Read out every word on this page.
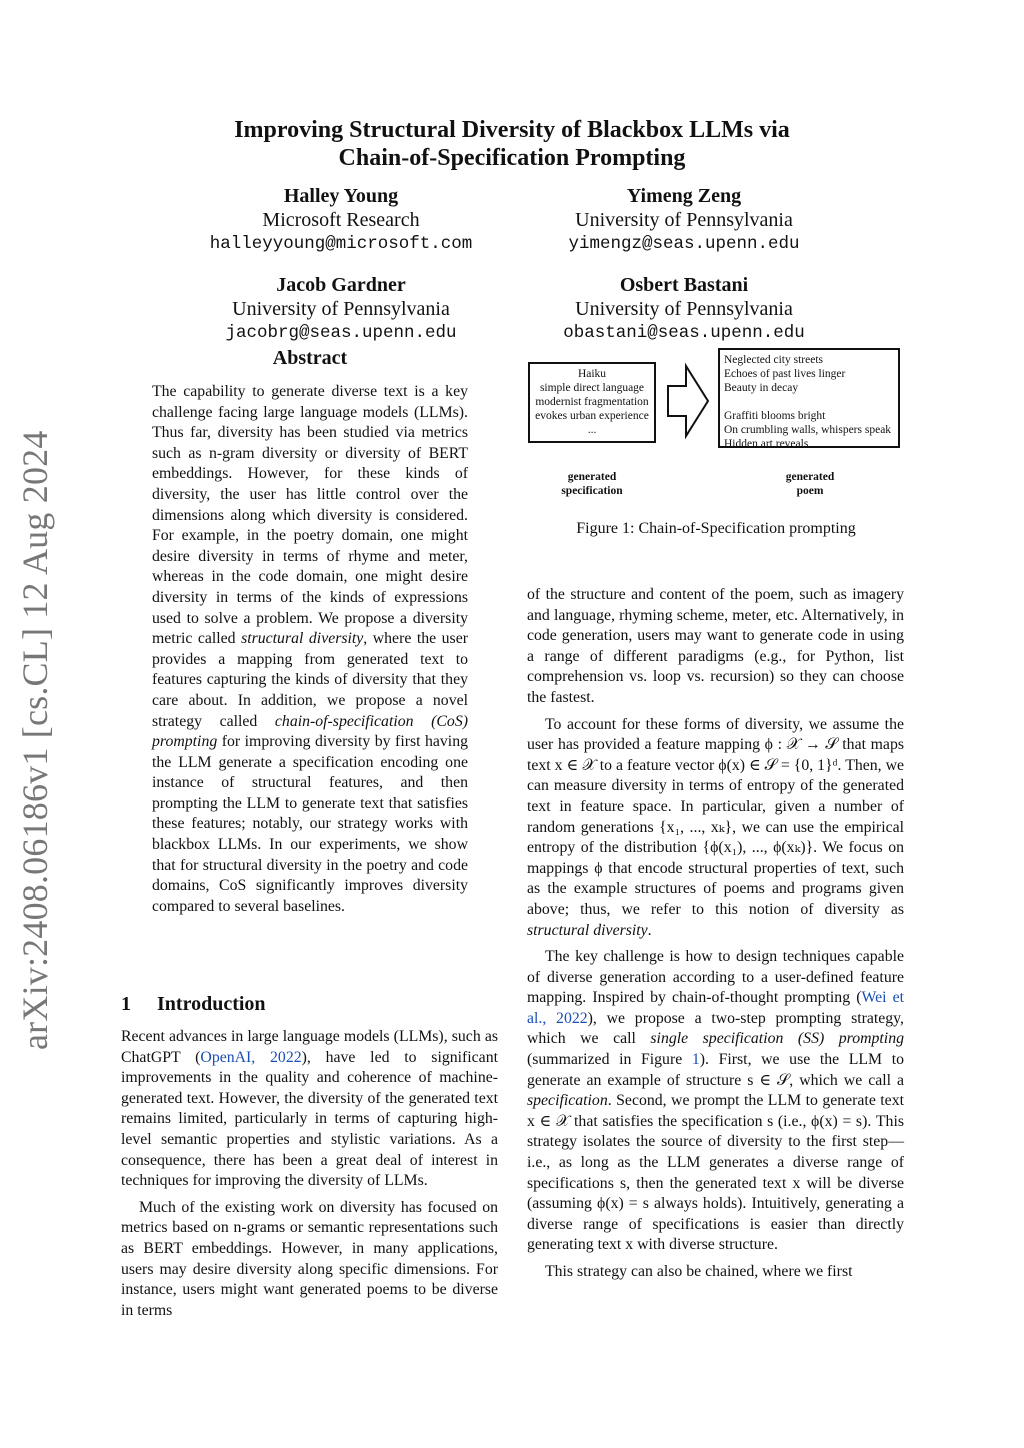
arXiv:2408.06186v1 [cs.CL] 12 Aug 2024
Improving Structural Diversity of Blackbox LLMs via
Chain-of-Specification Prompting
Halley Young
Microsoft Research
halleyyoung@microsoft.com
Yimeng Zeng
University of Pennsylvania
yimengz@seas.upenn.edu
Jacob Gardner
University of Pennsylvania
jacobrg@seas.upenn.edu
Osbert Bastani
University of Pennsylvania
obastani@seas.upenn.edu
Abstract
The capability to generate diverse text is a key challenge facing large language models (LLMs). Thus far, diversity has been studied via metrics such as n-gram diversity or diversity of BERT embeddings. However, for these kinds of diversity, the user has little control over the dimensions along which diversity is considered. For example, in the poetry domain, one might desire diversity in terms of rhyme and meter, whereas in the code domain, one might desire diversity in terms of the kinds of expressions used to solve a problem. We propose a diversity metric called structural diversity, where the user provides a mapping from generated text to features capturing the kinds of diversity that they care about. In addition, we propose a novel strategy called chain-of-specification (CoS) prompting for improving diversity by first having the LLM generate a specification encoding one instance of structural features, and then prompting the LLM to generate text that satisfies these features; notably, our strategy works with blackbox LLMs. In our experiments, we show that for structural diversity in the poetry and code domains, CoS significantly improves diversity compared to several baselines.
1 Introduction

Recent advances in large language models (LLMs), such as ChatGPT (OpenAI, 2022), have led to significant improvements in the quality and coherence of machine-generated text. However, the diversity of the generated text remains limited, particularly in terms of capturing high-level semantic properties and stylistic variations. As a consequence, there has been a great deal of interest in techniques for improving the diversity of LLMs.

Much of the existing work on diversity has focused on metrics based on n-grams or semantic representations such as BERT embeddings. However, in many applications, users may desire diversity along specific dimensions. For instance, users might want generated poems to be diverse in terms

Haiku
simple direct language
modernist fragmentation
evokes urban experience
...
Neglected city streets
Echoes of past lives linger
Beauty in decay
Graffiti blooms bright
On crumbling walls, whispers speak
Hidden art reveals
generated
specification
generated
poem
Figure 1: Chain-of-Specification prompting

of the structure and content of the poem, such as imagery and language, rhyming scheme, meter, etc. Alternatively, in code generation, users may want to generate code in using a range of different paradigms (e.g., for Python, list comprehension vs. loop vs. recursion) so they can choose the fastest.

To account for these forms of diversity, we assume the user has provided a feature mapping ϕ : 𝒳 → 𝒮 that maps text x ∈ 𝒳 to a feature vector ϕ(x) ∈ 𝒮 = {0, 1}ᵈ. Then, we can measure diversity in terms of entropy of the generated text in feature space. In particular, given a number of random generations {x₁, ..., xₖ}, we can use the empirical entropy of the distribution {ϕ(x₁), ..., ϕ(xₖ)}. We focus on mappings ϕ that encode structural properties of text, such as the example structures of poems and programs given above; thus, we refer to this notion of diversity as structural diversity.

The key challenge is how to design techniques capable of diverse generation according to a user-defined feature mapping. Inspired by chain-of-thought prompting (Wei et al., 2022), we propose a two-step prompting strategy, which we call single specification (SS) prompting (summarized in Figure 1). First, we use the LLM to generate an example of structure s ∈ 𝒮, which we call a specification. Second, we prompt the LLM to generate text x ∈ 𝒳 that satisfies the specification s (i.e., ϕ(x) = s). This strategy isolates the source of diversity to the first step—i.e., as long as the LLM generates a diverse range of specifications s, then the generated text x will be diverse (assuming ϕ(x) = s always holds). Intuitively, generating a diverse range of specifications is easier than directly generating text x with diverse structure.

This strategy can also be chained, where we first
